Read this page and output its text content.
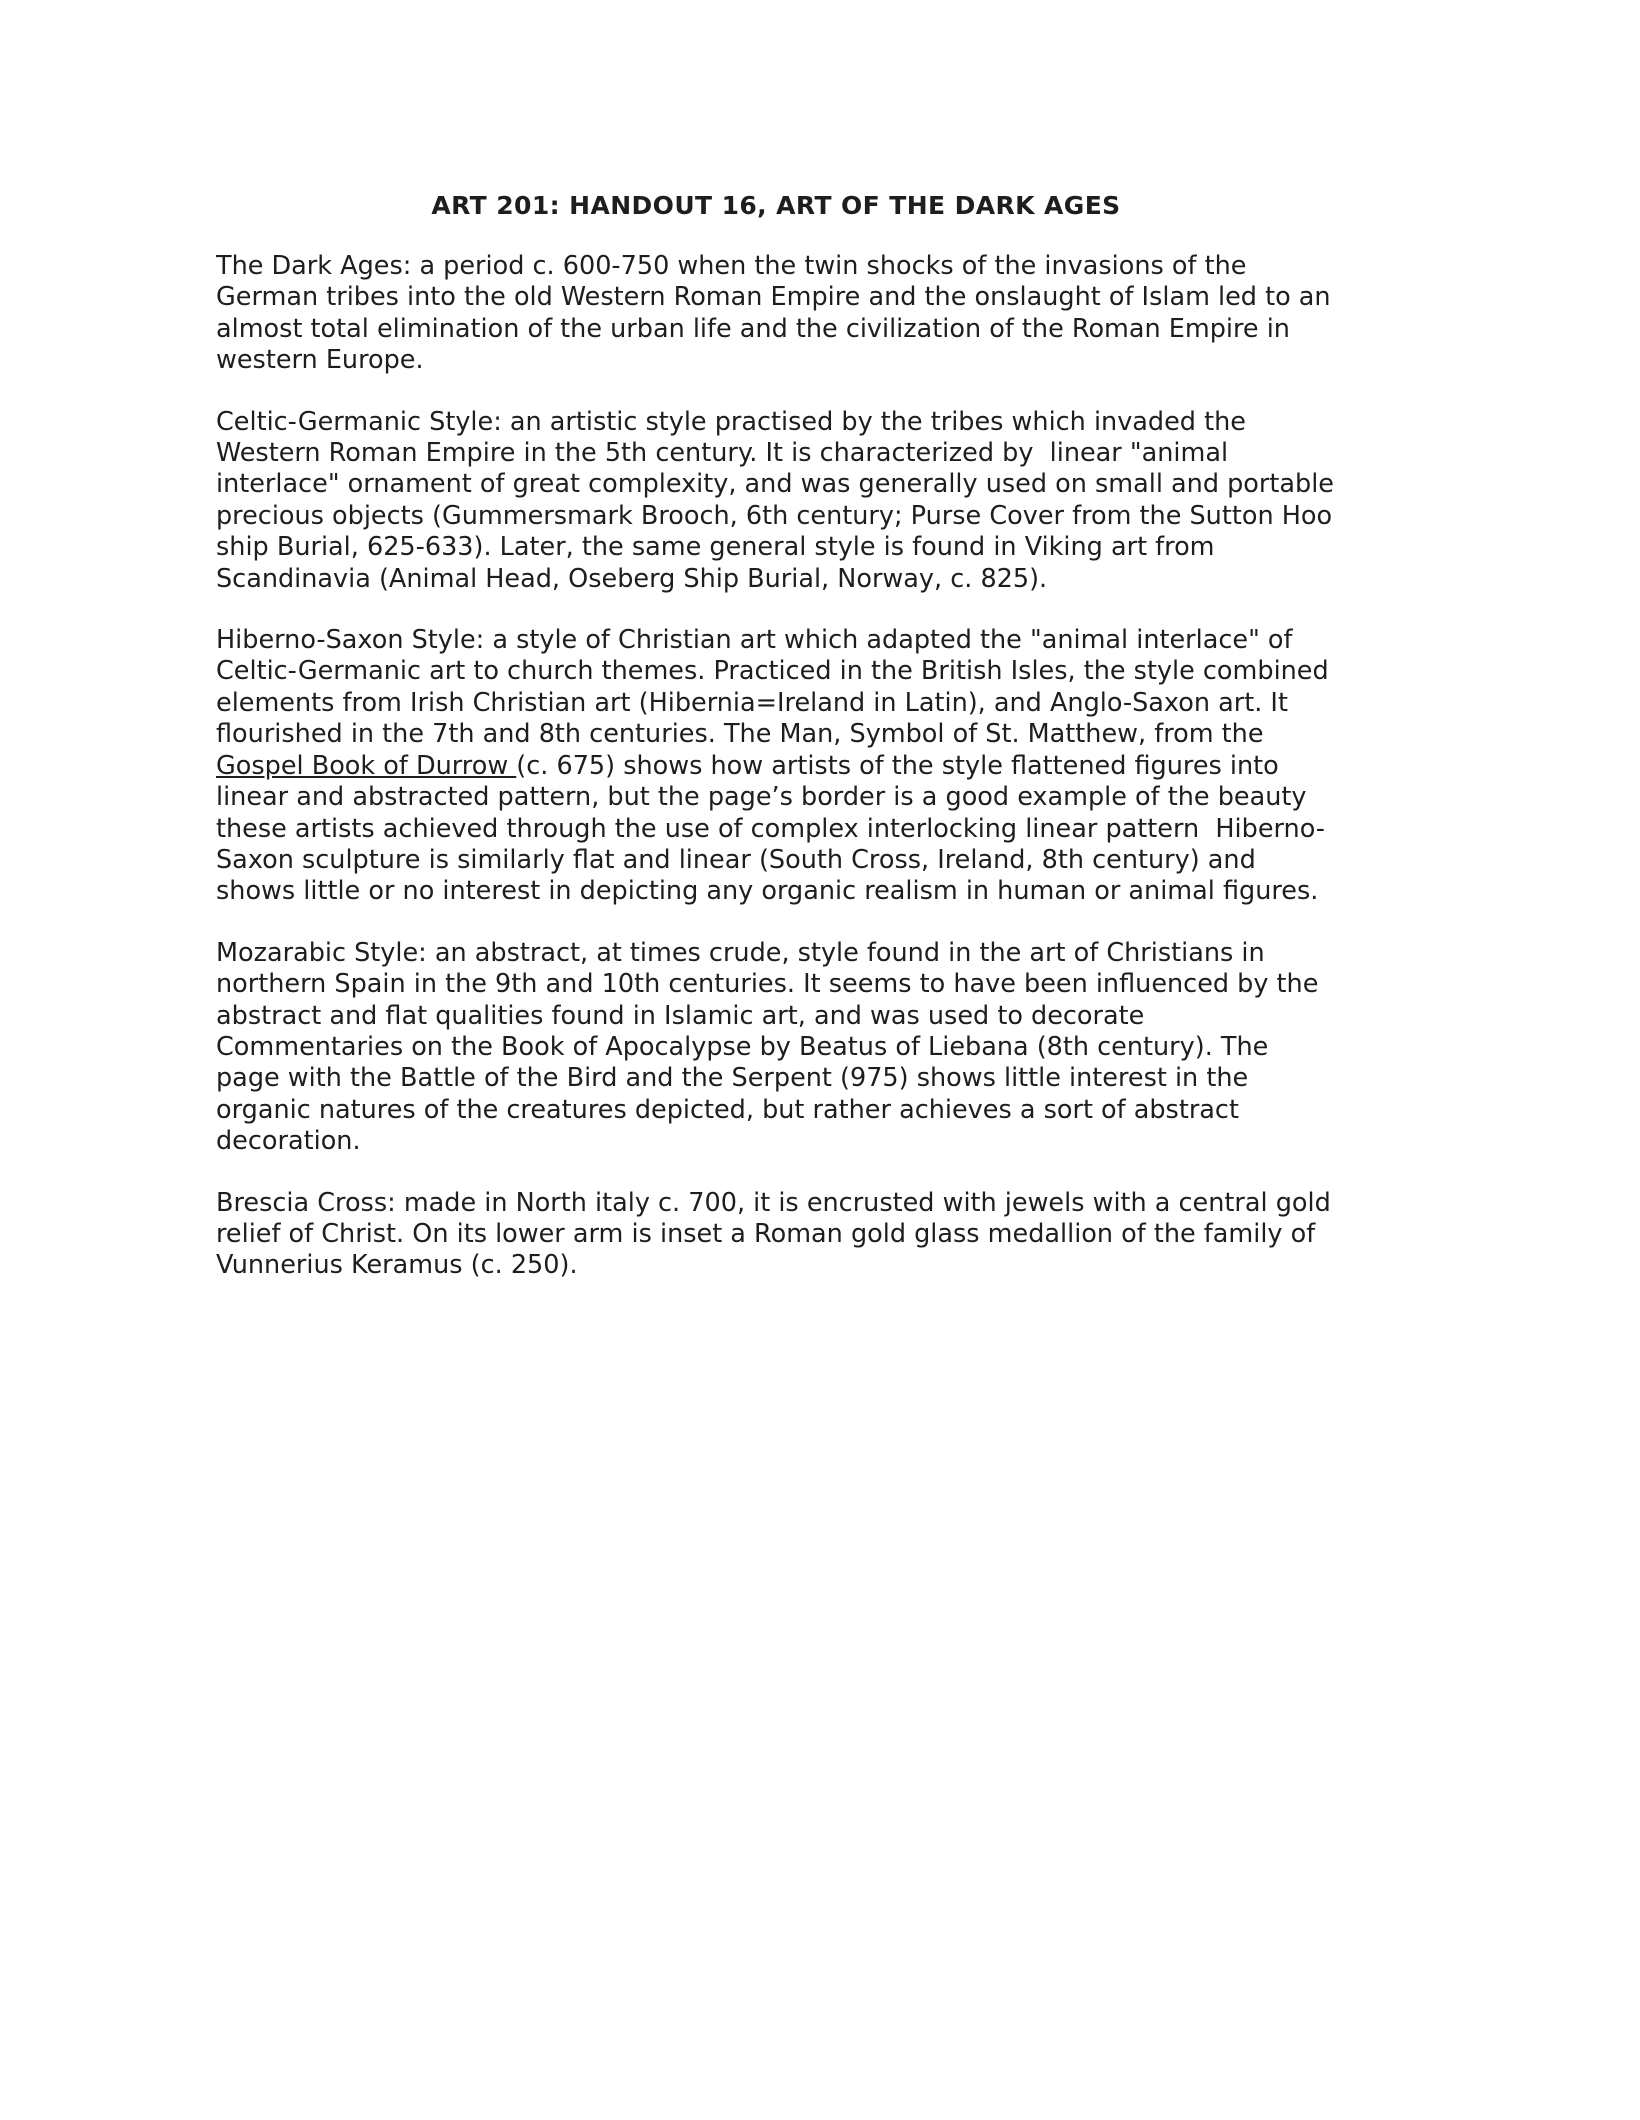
ART 201: HANDOUT 16, ART OF THE DARK AGES

The Dark Ages: a period c. 600-750 when the twin shocks of the invasions of the German tribes into the old Western Roman Empire and the onslaught of Islam led to an almost total elimination of the urban life and the civilization of the Roman Empire in western Europe.

Celtic-Germanic Style: an artistic style practised by the tribes which invaded the Western Roman Empire in the 5th century. It is characterized by  linear "animal interlace" ornament of great complexity, and was generally used on small and portable precious objects (Gummersmark Brooch, 6th century; Purse Cover from the Sutton Hoo ship Burial, 625-633). Later, the same general style is found in Viking art from Scandinavia (Animal Head, Oseberg Ship Burial, Norway, c. 825).

Hiberno-Saxon Style: a style of Christian art which adapted the "animal interlace" of Celtic-Germanic art to church themes. Practiced in the British Isles, the style combined elements from Irish Christian art (Hibernia=Ireland in Latin), and Anglo-Saxon art. It flourished in the 7th and 8th centuries. The Man, Symbol of St. Matthew, from the Gospel Book of Durrow (c. 675) shows how artists of the style flattened figures into linear and abstracted pattern, but the page’s border is a good example of the beauty these artists achieved through the use of complex interlocking linear pattern  Hiberno-Saxon sculpture is similarly flat and linear (South Cross, Ireland, 8th century) and shows little or no interest in depicting any organic realism in human or animal figures.

Mozarabic Style: an abstract, at times crude, style found in the art of Christians in northern Spain in the 9th and 10th centuries. It seems to have been influenced by the abstract and flat qualities found in Islamic art, and was used to decorate Commentaries on the Book of Apocalypse by Beatus of Liebana (8th century). The page with the Battle of the Bird and the Serpent (975) shows little interest in the organic natures of the creatures depicted, but rather achieves a sort of abstract decoration.

Brescia Cross: made in North italy c. 700, it is encrusted with jewels with a central gold relief of Christ. On its lower arm is inset a Roman gold glass medallion of the family of Vunnerius Keramus (c. 250).
